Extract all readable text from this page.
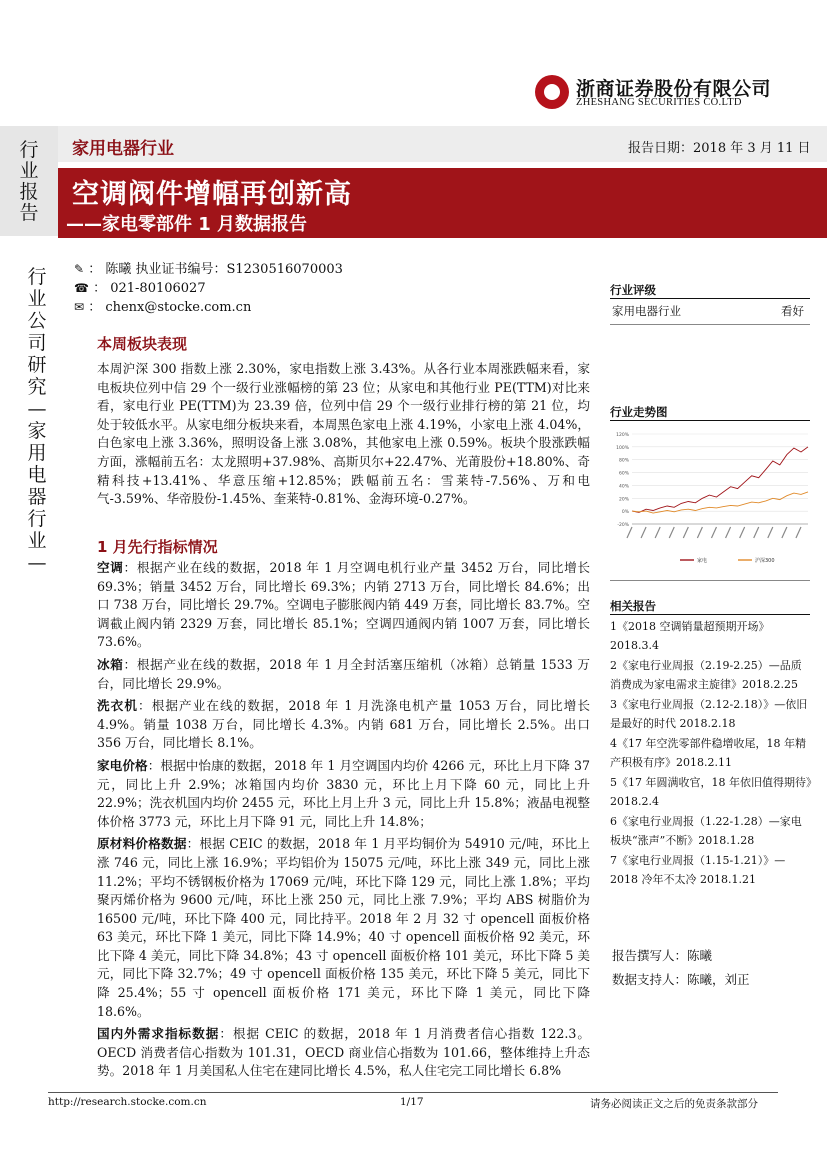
浙商证券股份有限公司
ZHESHANG SECURITIES CO.LTD
行
业
报
告
家用电器行业	报告日期：2018 年 3 月 11 日
空调阀件增幅再创新高
——家电零部件 1 月数据报告
行
业
公
司
研
究
—
家
用
电
器
行
业
—
✎ ： 陈曦 执业证书编号：S1230516070003
☎ ： 021-80106027
✉ ： chenx@stocke.com.cn
本周板块表现

本周沪深 300 指数上涨 2.30%，家电指数上涨 3.43%。从各行业本周涨跌幅来看，家电板块位列中信 29 个一级行业涨幅榜的第 23 位；从家电和其他行业 PE(TTM)对比来看，家电行业 PE(TTM)为 23.39 倍，位列中信 29 个一级行业排行榜的第 21 位，均处于较低水平。从家电细分板块来看，本周黑色家电上涨 4.19%，小家电上涨 4.04%，白色家电上涨 3.36%，照明设备上涨 3.08%，其他家电上涨 0.59%。板块个股涨跌幅方面，涨幅前五名：太龙照明+37.98%、高斯贝尔+22.47%、光莆股份+18.80%、奇精科技+13.41%、华意压缩+12.85%；跌幅前五名：雪莱特-7.56%、万和电气-3.59%、华帝股份-1.45%、奎莱特-0.81%、金海环境-0.27%。

1 月先行指标情况

空调：根据产业在线的数据，2018 年 1 月空调电机行业产量 3452 万台，同比增长 69.3%；销量 3452 万台，同比增长 69.3%；内销 2713 万台，同比增长 84.6%；出口 738 万台，同比增长 29.7%。空调电子膨胀阀内销 449 万套，同比增长 83.7%。空调截止阀内销 2329 万套，同比增长 85.1%；空调四通阀内销 1007 万套，同比增长 73.6%。

冰箱：根据产业在线的数据，2018 年 1 月全封活塞压缩机（冰箱）总销量 1533 万台，同比增长 29.9%。

洗衣机：根据产业在线的数据，2018 年 1 月洗涤电机产量 1053 万台，同比增长 4.9%。销量 1038 万台，同比增长 4.3%。内销 681 万台，同比增长 2.5%。出口 356 万台，同比增长 8.1%。

家电价格：根据中怡康的数据，2018 年 1 月空调国内均价 4266 元，环比上月下降 37 元，同比上升 2.9%；冰箱国内均价 3830 元，环比上月下降 60 元，同比上升 22.9%；洗衣机国内均价 2455 元，环比上月上升 3 元，同比上升 15.8%；液晶电视整体价格 3773 元，环比上月下降 91 元，同比上升 14.8%；

原材料价格数据：根据 CEIC 的数据，2018 年 1 月平均铜价为 54910 元/吨，环比上涨 746 元，同比上涨 16.9%；平均铝价为 15075 元/吨，环比上涨 349 元，同比上涨 11.2%；平均不锈钢板价格为 17069 元/吨，环比下降 129 元，同比上涨 1.8%；平均聚丙烯价格为 9600 元/吨，环比上涨 250 元，同比上涨 7.9%；平均 ABS 树脂价为 16500 元/吨，环比下降 400 元，同比持平。2018 年 2 月 32 寸 opencell 面板价格 63 美元，环比下降 1 美元，同比下降 14.9%；40 寸 opencell 面板价格 92 美元，环比下降 4 美元，同比下降 34.8%；43 寸 opencell 面板价格 101 美元，环比下降 5 美元，同比下降 32.7%；49 寸 opencell 面板价格 135 美元，环比下降 5 美元，同比下降 25.4%；55 寸 opencell 面板价格 171 美元，环比下降 1 美元，同比下降 18.6%。

国内外需求指标数据：根据 CEIC 的数据，2018 年 1 月消费者信心指数 122.3。OECD 消费者信心指数为 101.31，OECD 商业信心指数为 101.66，整体维持上升态势。2018 年 1 月美国私人住宅在建同比增长 4.5%，私人住宅完工同比增长 6.8%

行业评级
家用电器行业	看好
行业走势图
-20%
0%
20%
40%
60%
80%
100%
120%
家电	沪深300
相关报告

1《2018 空调销量超预期开场》2018.3.4

2《家电行业周报（2.19-2.25）—品质消费成为家电需求主旋律》2018.2.25

3《家电行业周报（2.12-2.18）》—依旧是最好的时代 2018.2.18

4《17 年空洗零部件稳增收尾，18 年精产积极有序》2018.2.11

5《17 年圆满收官，18 年依旧值得期待》2018.2.4

6《家电行业周报（1.22-1.28）—家电板块“涨声”不断》2018.1.28

7《家电行业周报（1.15-1.21）》—2018 冷年不太冷 2018.1.21

报告撰写人：陈曦
数据支持人：陈曦，刘正
http://research.stocke.com.cn	1/17	请务必阅读正文之后的免责条款部分
